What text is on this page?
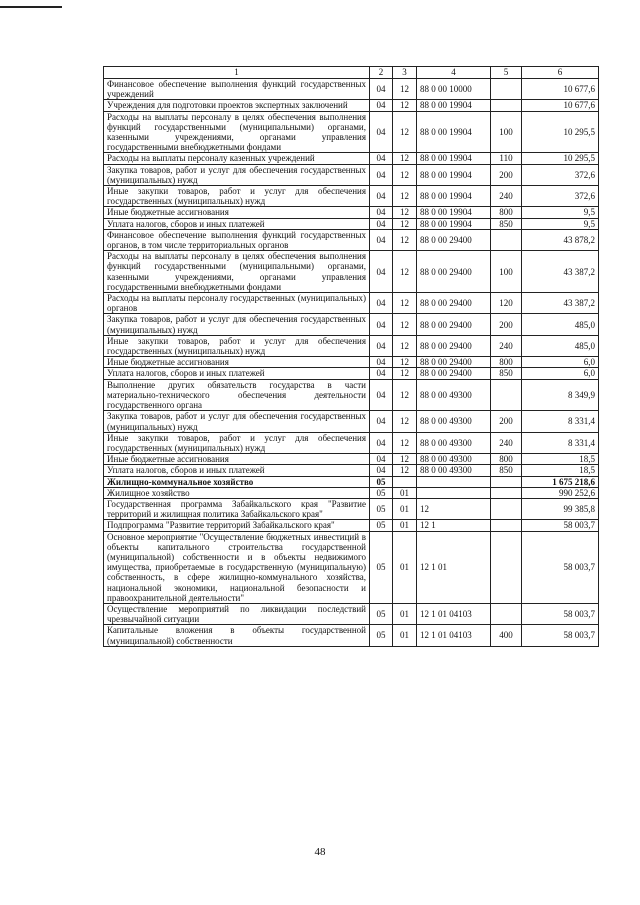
1	2	3	4	5	6
Финансовое обеспечение выполнения функций государственных учреждений	04	12	88 0 00 10000		10 677,6
Учреждения для подготовки проектов экспертных заключений	04	12	88 0 00 19904		10 677,6
Расходы на выплаты персоналу в целях обеспечения выполнения функций государственными (муниципальными) органами, казенными учреждениями, органами управления государственными внебюджетными фондами	04	12	88 0 00 19904	100	10 295,5
Расходы на выплаты персоналу казенных учреждений	04	12	88 0 00 19904	110	10 295,5
Закупка товаров, работ и услуг для обеспечения государственных (муниципальных) нужд	04	12	88 0 00 19904	200	372,6
Иные закупки товаров, работ и услуг для обеспечения государственных (муниципальных) нужд	04	12	88 0 00 19904	240	372,6
Иные бюджетные ассигнования	04	12	88 0 00 19904	800	9,5
Уплата налогов, сборов и иных платежей	04	12	88 0 00 19904	850	9,5
Финансовое обеспечение выполнения функций государственных органов, в том числе территориальных органов	04	12	88 0 00 29400		43 878,2
Расходы на выплаты персоналу в целях обеспечения выполнения функций государственными (муниципальными) органами, казенными учреждениями, органами управления государственными внебюджетными фондами	04	12	88 0 00 29400	100	43 387,2
Расходы на выплаты персоналу государственных (муниципальных) органов	04	12	88 0 00 29400	120	43 387,2
Закупка товаров, работ и услуг для обеспечения государственных (муниципальных) нужд	04	12	88 0 00 29400	200	485,0
Иные закупки товаров, работ и услуг для обеспечения государственных (муниципальных) нужд	04	12	88 0 00 29400	240	485,0
Иные бюджетные ассигнования	04	12	88 0 00 29400	800	6,0
Уплата налогов, сборов и иных платежей	04	12	88 0 00 29400	850	6,0
Выполнение других обязательств государства в части материально-технического обеспечения деятельности государственного органа	04	12	88 0 00 49300		8 349,9
Закупка товаров, работ и услуг для обеспечения государственных (муниципальных) нужд	04	12	88 0 00 49300	200	8 331,4
Иные закупки товаров, работ и услуг для обеспечения государственных (муниципальных) нужд	04	12	88 0 00 49300	240	8 331,4
Иные бюджетные ассигнования	04	12	88 0 00 49300	800	18,5
Уплата налогов, сборов и иных платежей	04	12	88 0 00 49300	850	18,5
Жилищно-коммунальное хозяйство	05				1 675 218,6
Жилищное хозяйство	05	01			990 252,6
Государственная программа Забайкальского края "Развитие территорий и жилищная политика Забайкальского края"	05	01	12		99 385,8
Подпрограмма "Развитие территорий Забайкальского края"	05	01	12 1		58 003,7
Основное мероприятие "Осуществление бюджетных инвестиций в объекты капитального строительства государственной (муниципальной) собственности и в объекты недвижимого имущества, приобретаемые в государственную (муниципальную) собственность, в сфере жилищно-коммунального хозяйства, национальной экономики, национальной безопасности и правоохранительной деятельности"	05	01	12 1 01		58 003,7
Осуществление мероприятий по ликвидации последствий чрезвычайной ситуации	05	01	12 1 01 04103		58 003,7
Капитальные вложения в объекты государственной (муниципальной) собственности	05	01	12 1 01 04103	400	58 003,7
48
